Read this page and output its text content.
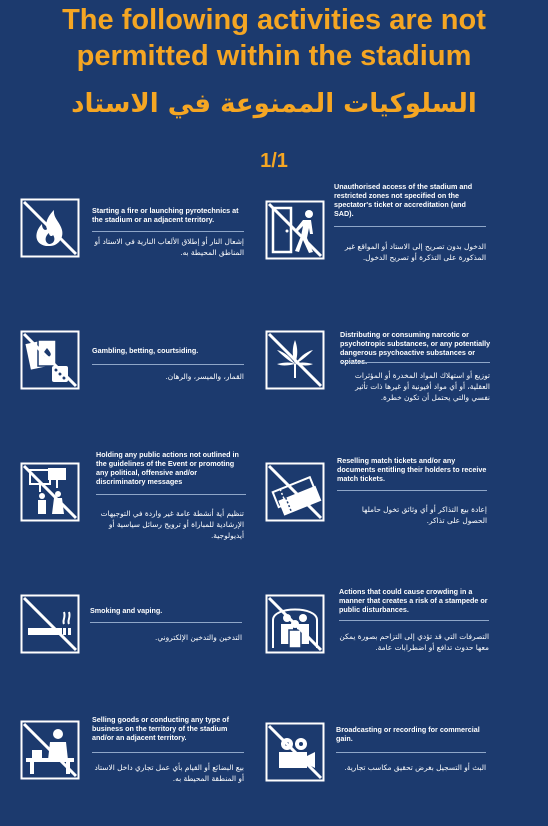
The following activities are not permitted within the stadium
السلوكيات الممنوعة في الاستاد
1/1
Starting a fire or launching pyrotechnics at the stadium or an adjacent territory.
إشعال النار أو إطلاق الألعاب النارية في الاستاد أو المناطق المحيطة به.
Unauthorised access of the stadium and restricted zones not specified on the spectator's ticket or accreditation (and SAD).
الدخول بدون تصريح إلى الاستاد أو المواقع غير المذكورة على التذكرة أو تصريح الدخول.
Gambling, betting, courtsiding.
القمار، والميسر، والرهان.
Distributing or consuming narcotic or psychotropic substances, or any potentially dangerous psychoactive substances or opiates.
توزيع أو استهلاك المواد المخدرة أو المؤثرات العقلية، أو أي مواد أفيونية أو غيرها ذات تأثير نفسي والتي يحتمل أن تكون خطرة.
Holding any public actions not outlined in the guidelines of the Event or promoting any political, offensive and/or discriminatory messages
تنظيم أية أنشطة عامة غير واردة في التوجيهات الإرشادية للمباراة أو ترويج رسائل سياسية أو أيديولوجية.
Reselling match tickets and/or any documents entitling their holders to receive match tickets.
إعادة بيع التذاكر أو أي وثائق تخول حاملها الحصول على تذاكر.
Smoking and vaping.
التدخين والتدخين الإلكتروني.
Actions that could cause crowding in a manner that creates a risk of a stampede or public disturbances.
التصرفات التي قد تؤدي إلى التزاحم بصورة يمكن معها حدوث تدافع أو اضطرابات عامة.
Selling goods or conducting any type of business on the territory of the stadium and/or an adjacent territory.
بيع البضائع أو القيام بأي عمل تجاري داخل الاستاد أو المنطقة المحيطة به.
Broadcasting or recording for commercial gain.
البث أو التسجيل بغرض تحقيق مكاسب تجارية.
